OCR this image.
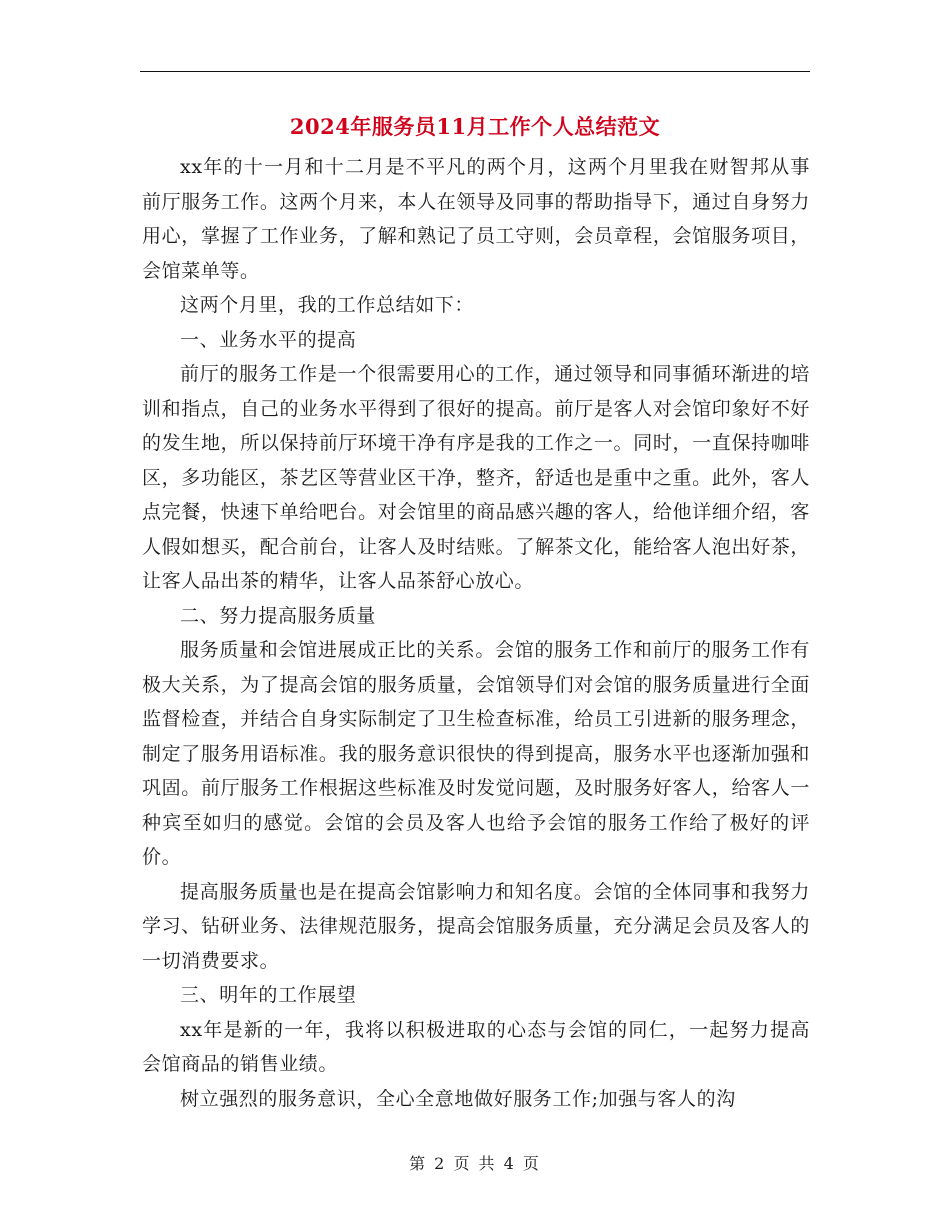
2024年服务员11月工作个人总结范文

xx年的十一月和十二月是不平凡的两个月，这两个月里我在财智邦从事前厅服务工作。这两个月来，本人在领导及同事的帮助指导下，通过自身努力用心，掌握了工作业务，了解和熟记了员工守则，会员章程，会馆服务项目，会馆菜单等。

这两个月里，我的工作总结如下：

一、业务水平的提高

前厅的服务工作是一个很需要用心的工作，通过领导和同事循环渐进的培训和指点，自己的业务水平得到了很好的提高。前厅是客人对会馆印象好不好的发生地，所以保持前厅环境干净有序是我的工作之一。同时，一直保持咖啡区，多功能区，茶艺区等营业区干净，整齐，舒适也是重中之重。此外，客人点完餐，快速下单给吧台。对会馆里的商品感兴趣的客人，给他详细介绍，客人假如想买，配合前台，让客人及时结账。了解茶文化，能给客人泡出好茶，让客人品出茶的精华，让客人品茶舒心放心。

二、努力提高服务质量

服务质量和会馆进展成正比的关系。会馆的服务工作和前厅的服务工作有极大关系，为了提高会馆的服务质量，会馆领导们对会馆的服务质量进行全面监督检查，并结合自身实际制定了卫生检查标准，给员工引进新的服务理念，制定了服务用语标准。我的服务意识很快的得到提高，服务水平也逐渐加强和巩固。前厅服务工作根据这些标准及时发觉问题，及时服务好客人，给客人一种宾至如归的感觉。会馆的会员及客人也给予会馆的服务工作给了极好的评价。

提高服务质量也是在提高会馆影响力和知名度。会馆的全体同事和我努力学习、钻研业务、法律规范服务，提高会馆服务质量，充分满足会员及客人的一切消费要求。

三、明年的工作展望

xx年是新的一年，我将以积极进取的心态与会馆的同仁，一起努力提高会馆商品的销售业绩。

树立强烈的服务意识，全心全意地做好服务工作;加强与客人的沟

第 2 页 共 4 页
